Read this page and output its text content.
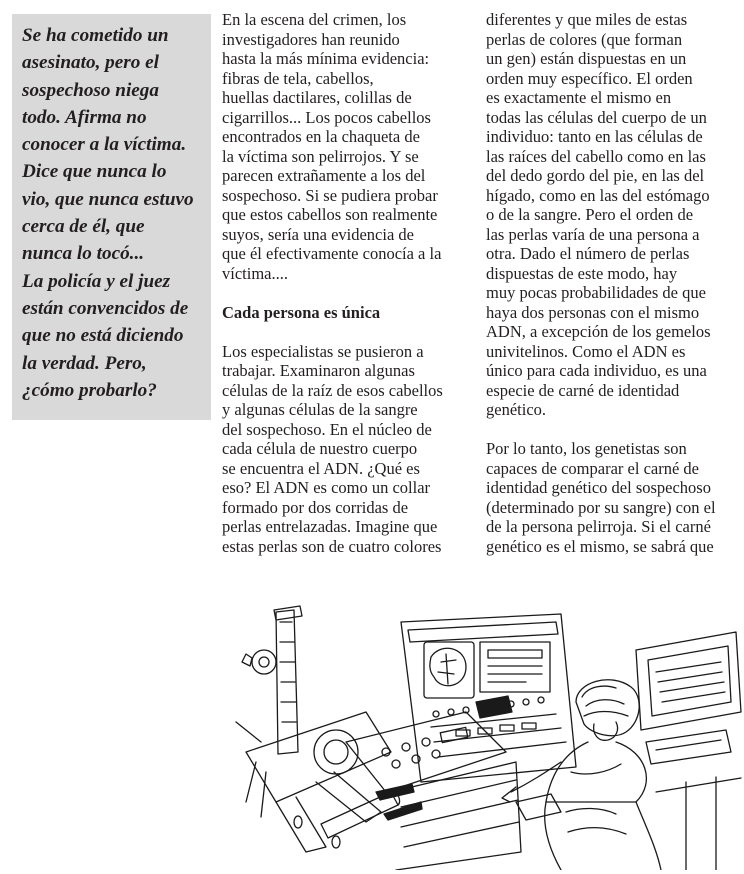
Se ha cometido un
asesinato, pero el
sospechoso niega
todo. Afirma no
conocer a la víctima.
Dice que nunca lo
vio, que nunca estuvo
cerca de él, que
nunca lo tocó...
La policía y el juez
están convencidos de
que no está diciendo
la verdad. Pero,
¿cómo probarlo?

En la escena del crimen, los
investigadores han reunido
hasta la más mínima evidencia:
fibras de tela, cabellos,
huellas dactilares, colillas de
cigarrillos... Los pocos cabellos
encontrados en la chaqueta de
la víctima son pelirrojos. Y se
parecen extrañamente a los del
sospechoso. Si se pudiera probar
que estos cabellos son realmente
suyos, sería una evidencia de
que él efectivamente conocía a la
víctima....

Cada persona es única

Los especialistas se pusieron a
trabajar. Examinaron algunas
células de la raíz de esos cabellos
y algunas células de la sangre
del sospechoso. En el núcleo de
cada célula de nuestro cuerpo
se encuentra el ADN. ¿Qué es
eso? El ADN es como un collar
formado por dos corridas de
perlas entrelazadas. Imagine que
estas perlas son de cuatro colores

diferentes y que miles de estas
perlas de colores (que forman
un gen) están dispuestas en un
orden muy específico. El orden
es exactamente el mismo en
todas las células del cuerpo de un
individuo: tanto en las células de
las raíces del cabello como en las
del dedo gordo del pie, en las del
hígado, como en las del estómago
o de la sangre. Pero el orden de
las perlas varía de una persona a
otra. Dado el número de perlas
dispuestas de este modo, hay
muy pocas probabilidades de que
haya dos personas con el mismo
ADN, a excepción de los gemelos
univitelinos. Como el ADN es
único para cada individuo, es una
especie de carné de identidad
genético.

Por lo tanto, los genetistas son
capaces de comparar el carné de
identidad genético del sospechoso
(determinado por su sangre) con el
de la persona pelirroja. Si el carné
genético es el mismo, se sabrá que
